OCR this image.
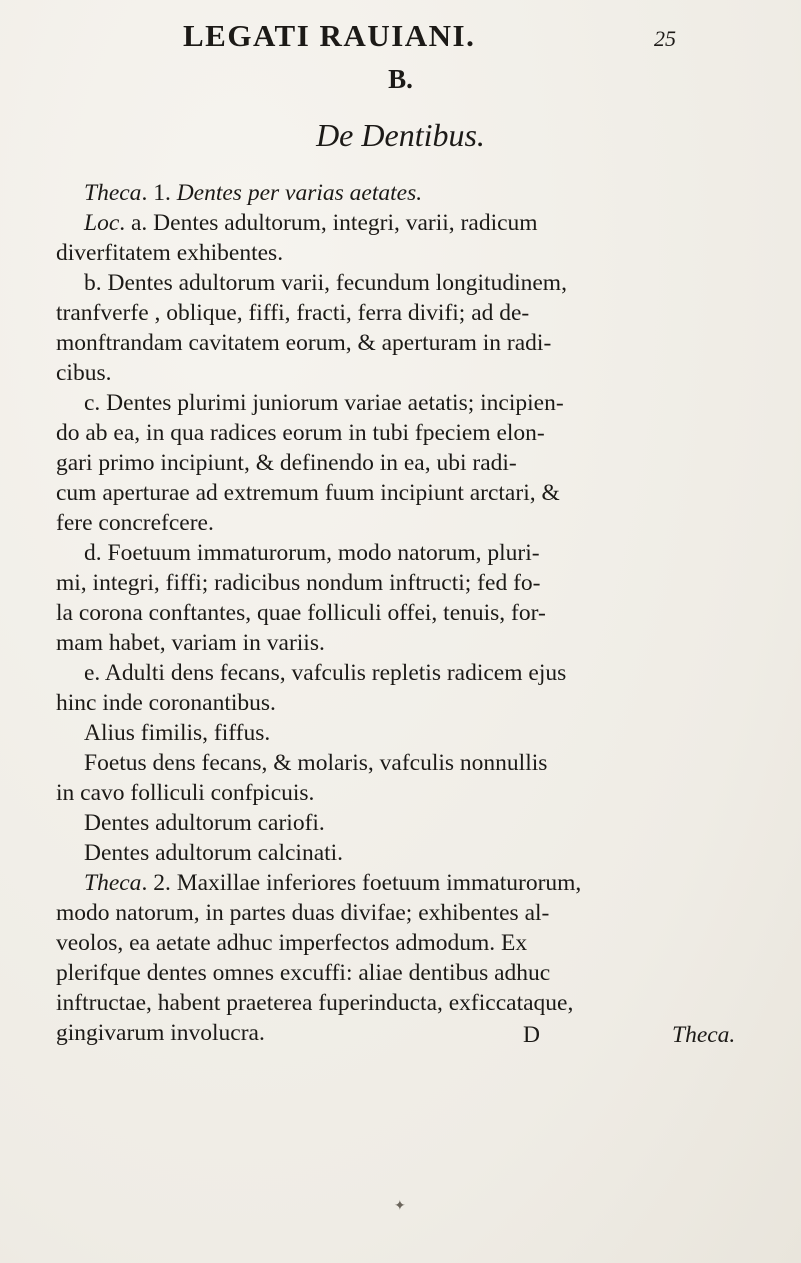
LEGATI RAUIANI.	25
B.
De Dentibus.
Theca. 1. Dentes per varias aetates.
Loc. a. Dentes adultorum, integri, varii, radicum
diverfitatem exhibentes.
b. Dentes adultorum varii, fecundum longitudinem,
tranfverfe , oblique, fiffi, fracti, ferra divifi; ad de-
monftrandam cavitatem eorum, & aperturam in radi-
cibus.
c. Dentes plurimi juniorum variae aetatis; incipien-
do ab ea, in qua radices eorum in tubi fpeciem elon-
gari primo incipiunt, & definendo in ea, ubi radi-
cum aperturae ad extremum fuum incipiunt arctari, &
fere concrefcere.
d. Foetuum immaturorum, modo natorum, pluri-
mi, integri, fiffi; radicibus nondum inftructi; fed fo-
la corona conftantes, quae folliculi offei, tenuis, for-
mam habet, variam in variis.
e. Adulti dens fecans, vafculis repletis radicem ejus
hinc inde coronantibus.
Alius fimilis, fiffus.
Foetus dens fecans, & molaris, vafculis nonnullis
in cavo folliculi confpicuis.
Dentes adultorum cariofi.
Dentes adultorum calcinati.
Theca. 2. Maxillae inferiores foetuum immaturorum,
modo natorum, in partes duas divifae; exhibentes al-
veolos, ea aetate adhuc imperfectos admodum. Ex
plerifque dentes omnes excuffi: aliae dentibus adhuc
inftructae, habent praeterea fuperinducta, exficcataque,
gingivarum involucra.	D	Theca.
✦
